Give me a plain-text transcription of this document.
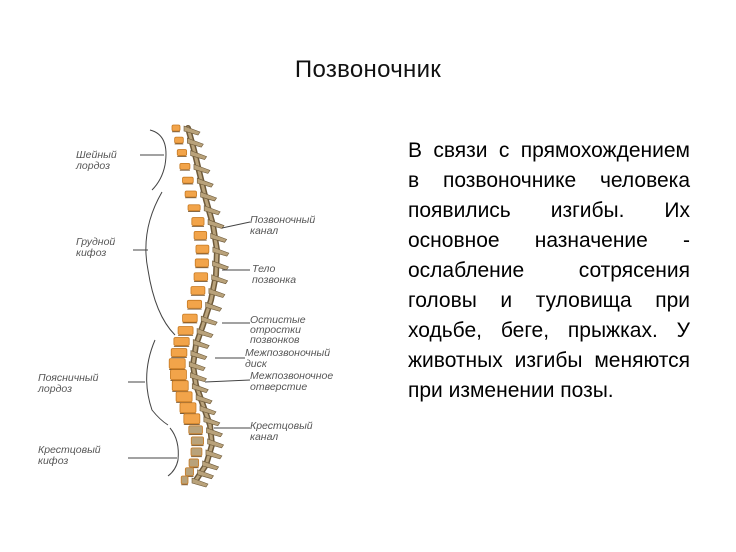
Позвоночник
Шейный лордоз
Грудной кифоз
Поясничный лордоз
Крестцовый кифоз
Позвоночный канал
Тело позвонка
Остистые отростки позвонков
Межпозвоночный диск
Межпозвоночное отверстие
Крестцовый канал
В связи с прямохождением в позвоночнике человека появились изгибы. Их основное назначение - ослабление сотрясения головы и туловища при ходьбе, беге, прыжках. У животных изгибы меняются при изменении позы.
